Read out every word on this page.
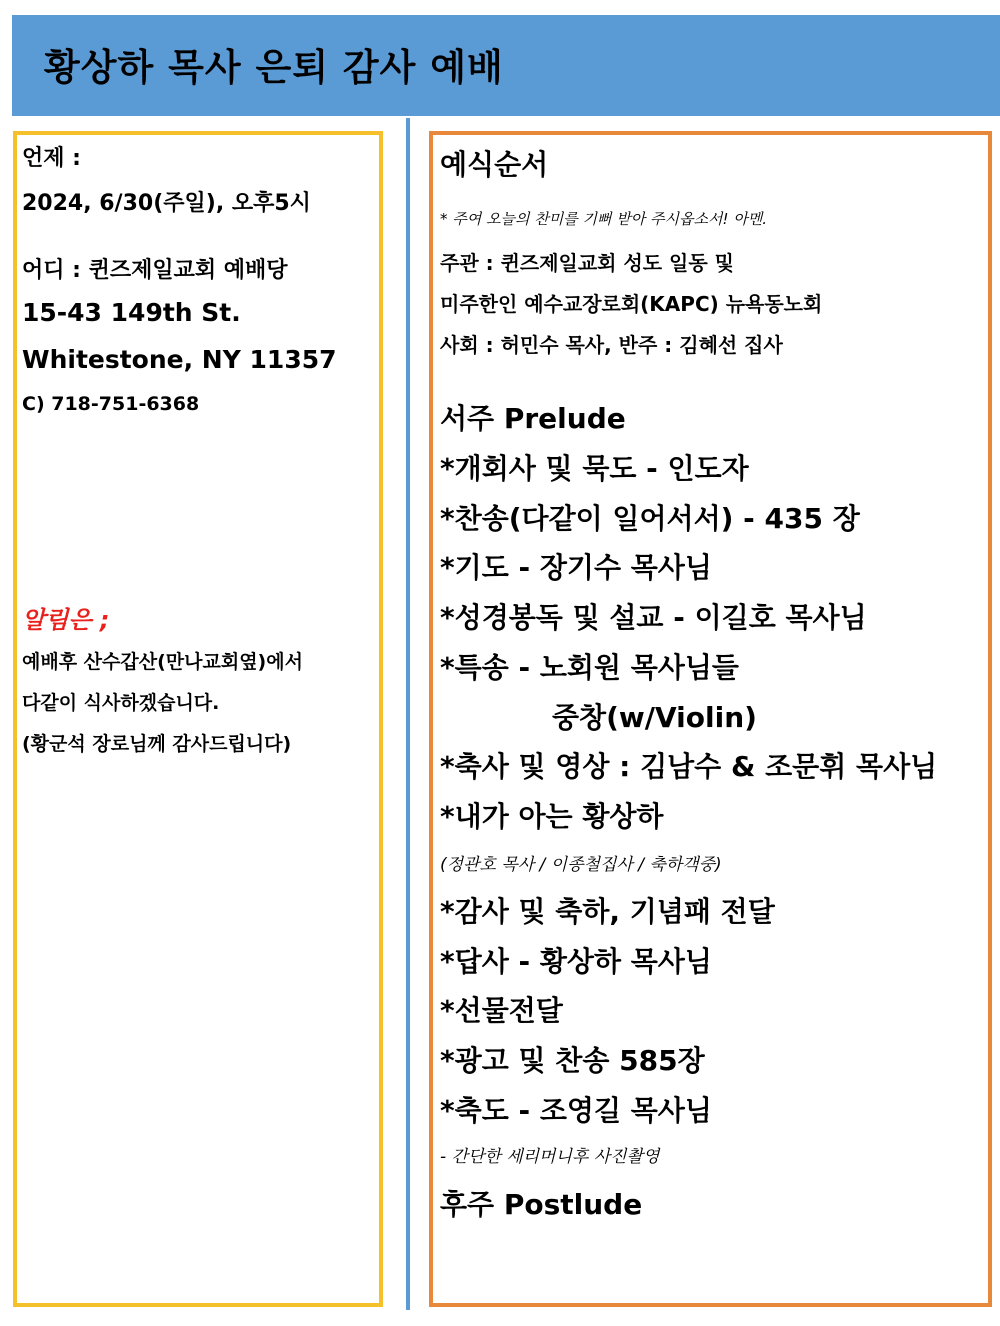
황상하 목사 은퇴 감사 예배
언제 :
2024, 6/30(주일), 오후5시
어디 : 퀸즈제일교회 예배당
15-43 149th St.
Whitestone, NY 11357
C) 718-751-6368
알림은 ;
예배후 산수갑산(만나교회옆)에서
다같이 식사하겠습니다.
(황군석 장로님께 감사드립니다)
예식순서
* 주여 오늘의 찬미를 기뻐 받아 주시옵소서! 아멘.
주관 : 퀸즈제일교회 성도 일동 및
미주한인 예수교장로회(KAPC) 뉴욕동노회
사회 : 허민수 목사, 반주 : 김혜선 집사
서주 Prelude
*개회사 및 묵도 - 인도자
*찬송(다같이 일어서서) - 435 장
*기도 - 장기수 목사님
*성경봉독 및 설교 - 이길호 목사님
*특송 - 노회원 목사님들
중창(w/Violin)
*축사 및 영상 : 김남수 & 조문휘 목사님
*내가 아는 황상하
(정관호 목사 / 이종철집사 / 축하객중)
*감사 및 축하, 기념패 전달
*답사 - 황상하 목사님
*선물전달
*광고 및 찬송 585장
*축도 - 조영길 목사님
- 간단한 세리머니후 사진촬영
후주 Postlude
